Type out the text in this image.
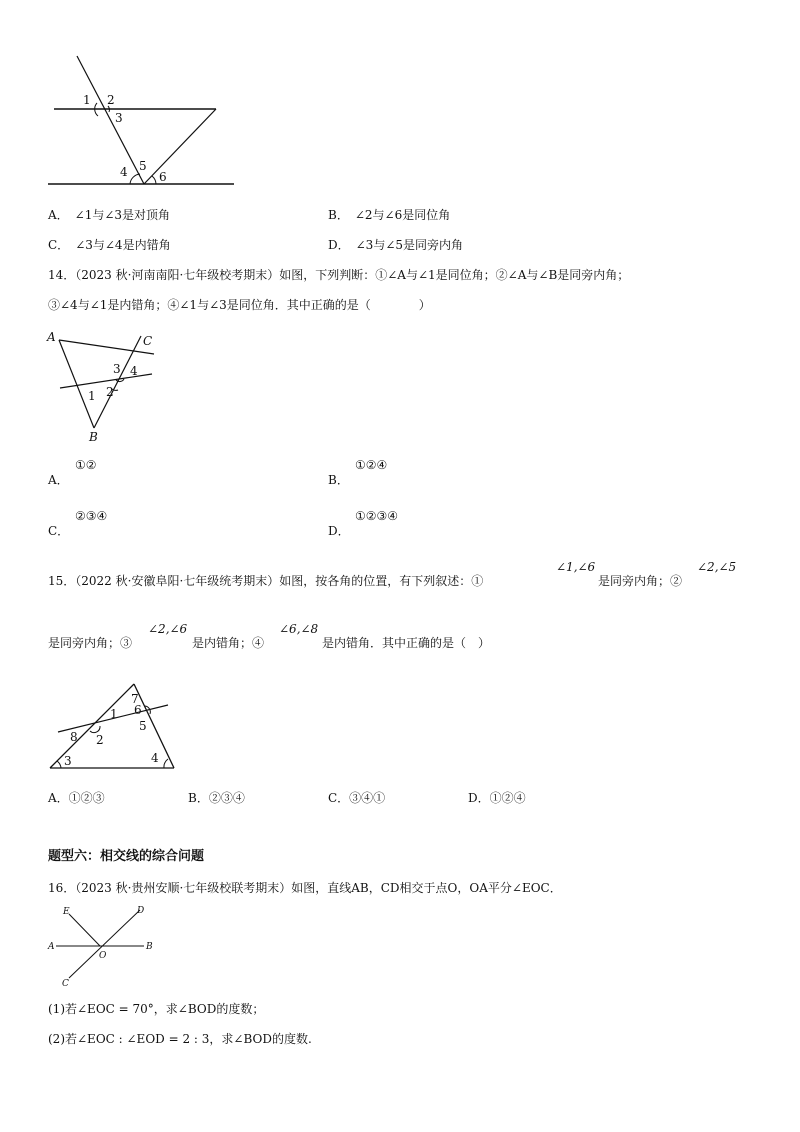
1 2
3
4 5
6
A． ∠1与∠3是对顶角	B． ∠2与∠6是同位角
C． ∠3与∠4是内错角	D． ∠3与∠5是同旁内角
14．（2023 秋·河南南阳·七年级校考期末）如图，下列判断：①∠A与∠1是同位角；②∠A与∠B是同旁内角；
③∠4与∠1是内错角；④∠1与∠3是同位角．其中正确的是（　　　　）
A	C
3 4
1 2
B
A．
①②
B．
①②④
C．
②③④
D．
①②③④
15．（2022 秋·安徽阜阳·七年级统考期末）如图，按各角的位置，有下列叙述：①
∠1,∠6
是同旁内角；②
∠2,∠5
是同旁内角；③
∠2,∠6
是内错角；④
∠6,∠8
是内错角．其中正确的是（　）
7
6
1
5
8 2
3	4
A．①②③	B．②③④	C．③④①	D．①②④
题型六：相交线的综合问题
16．（2023 秋·贵州安顺·七年级校联考期末）如图，直线AB，CD相交于点O，OA平分∠EOC．
E	D
A
O
B
C
(1)若∠EOC = 70°，求∠BOD的度数；
(2)若∠EOC : ∠EOD = 2 : 3，求∠BOD的度数.
